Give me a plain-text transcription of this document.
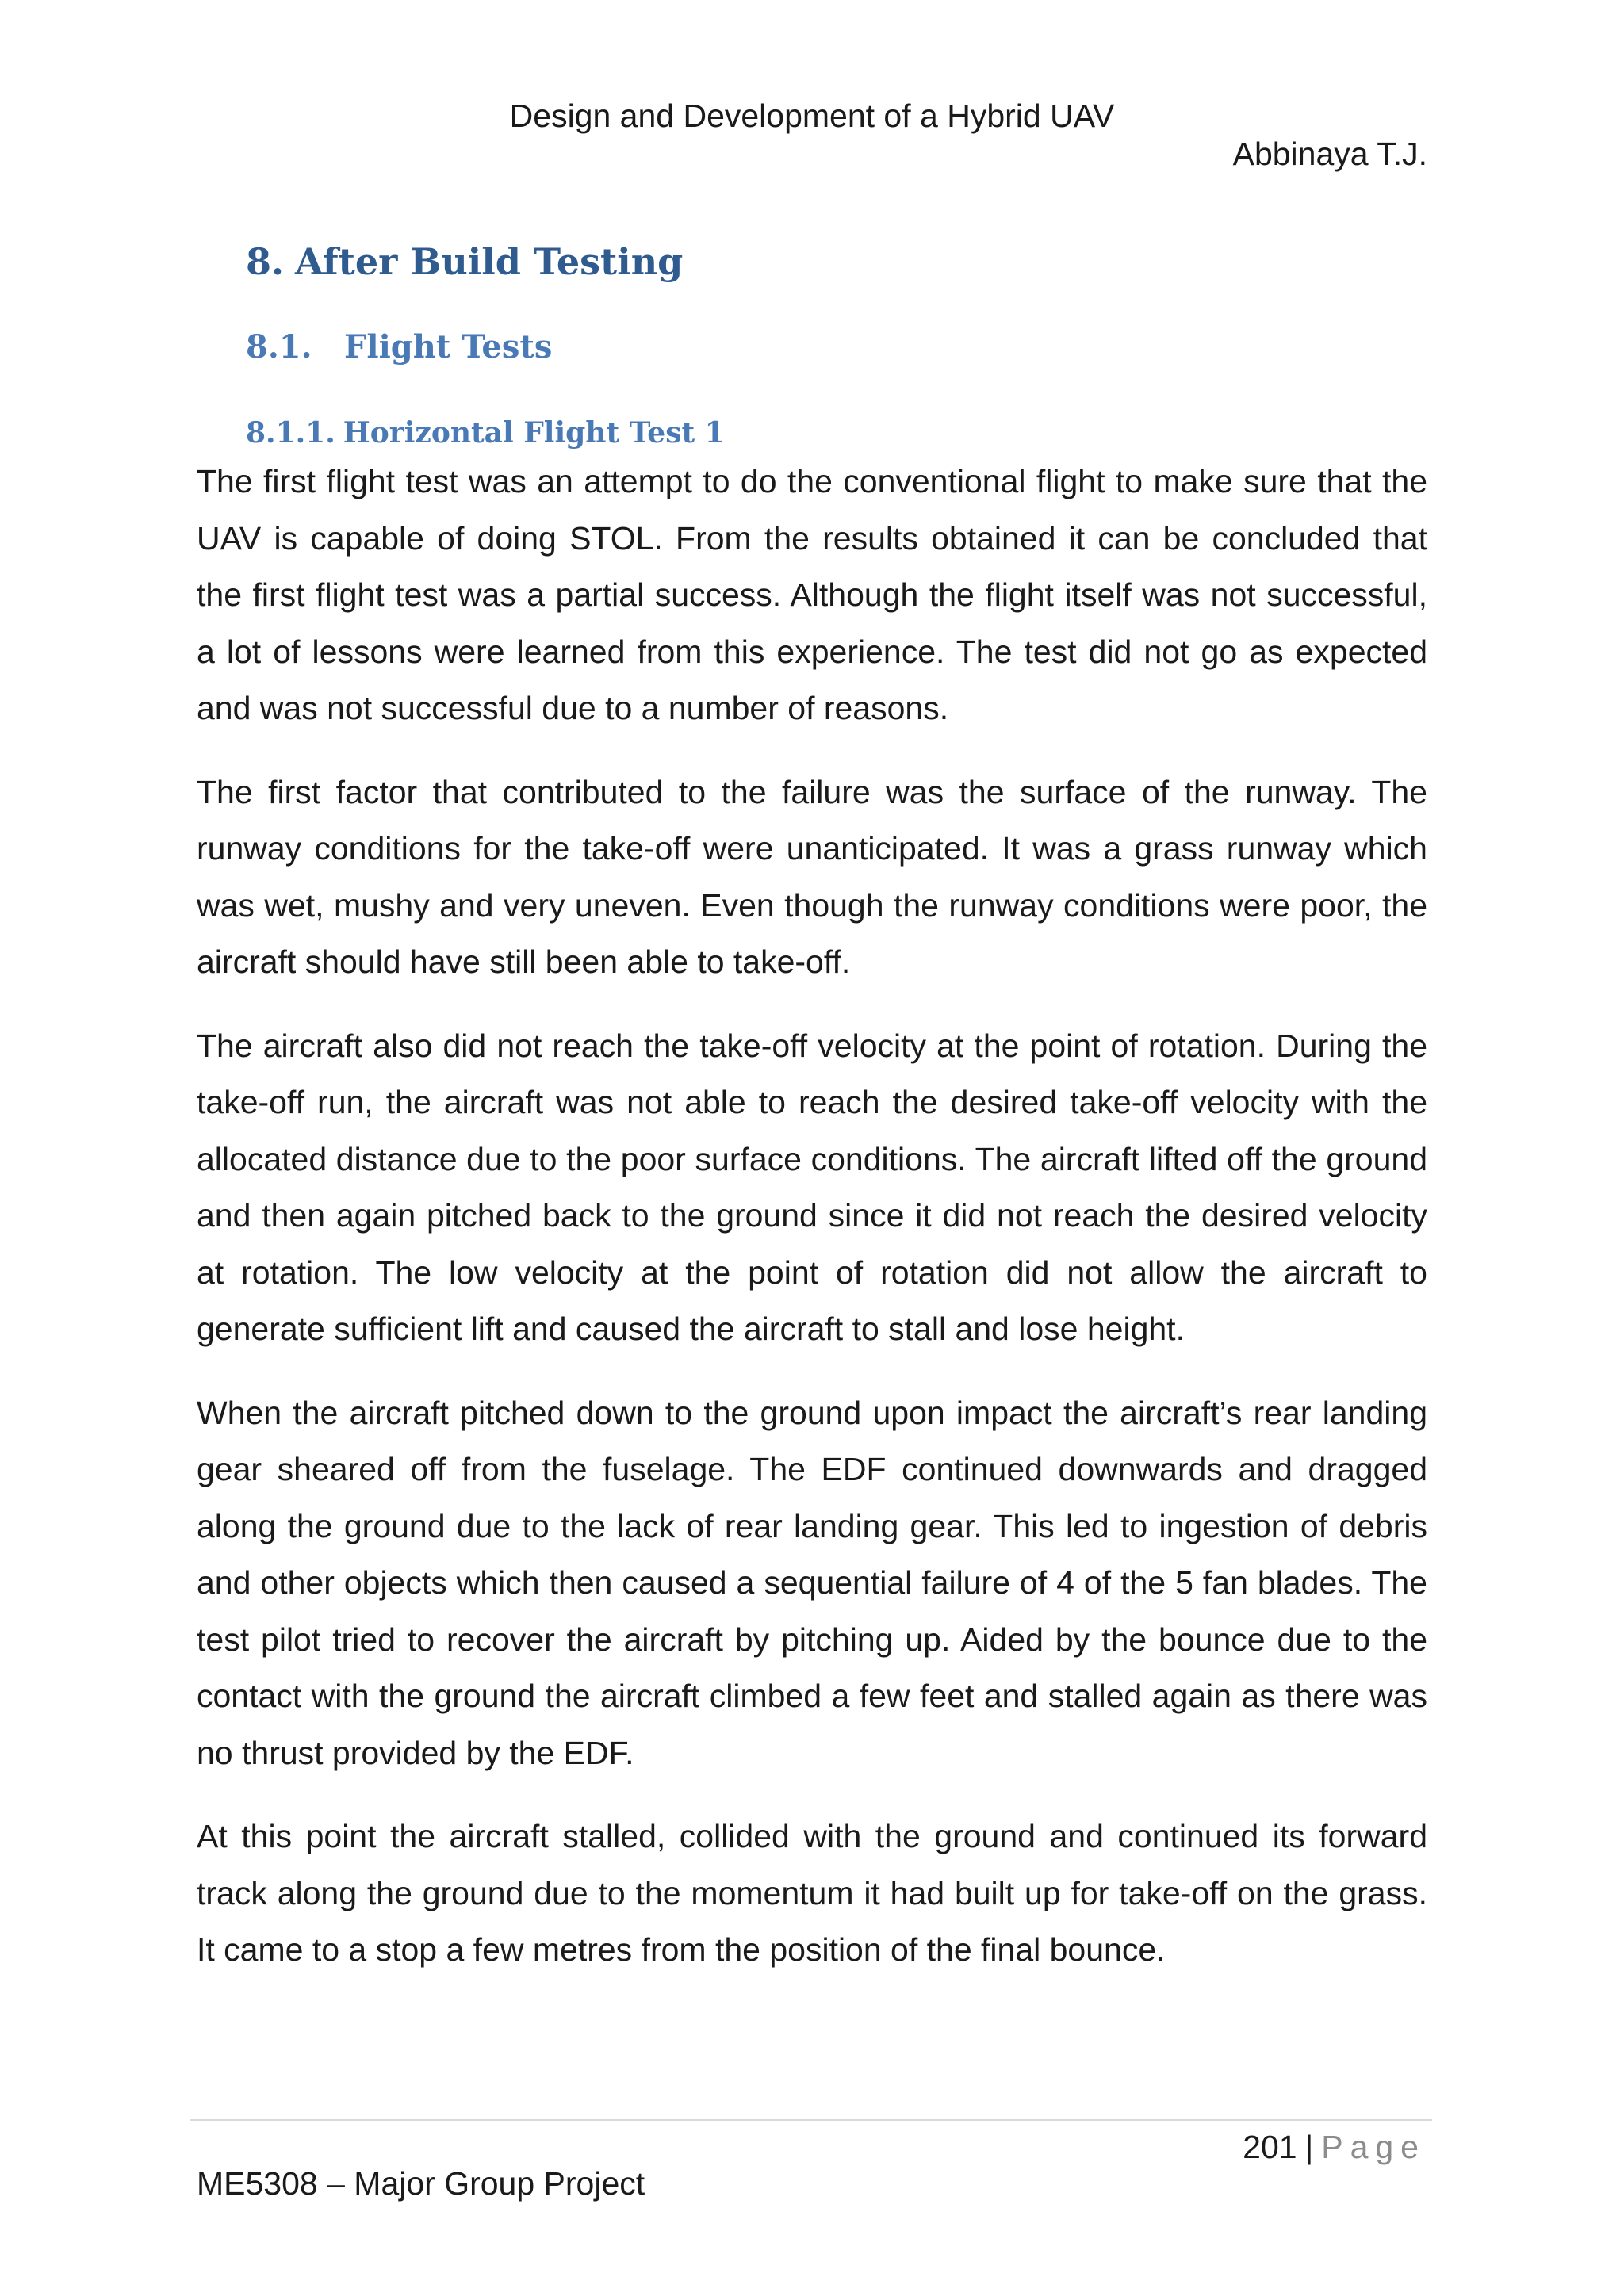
Design and Development of a Hybrid UAV
Abbinaya T.J.
8. After Build Testing
8.1. Flight Tests
8.1.1. Horizontal Flight Test 1

The first flight test was an attempt to do the conventional flight to make sure that the UAV is capable of doing STOL. From the results obtained it can be concluded that the first flight test was a partial success. Although the flight itself was not successful, a lot of lessons were learned from this experience. The test did not go as expected and was not successful due to a number of reasons.

The first factor that contributed to the failure was the surface of the runway. The runway conditions for the take-off were unanticipated. It was a grass runway which was wet, mushy and very uneven. Even though the runway conditions were poor, the aircraft should have still been able to take-off.

The aircraft also did not reach the take-off velocity at the point of rotation. During the take-off run, the aircraft was not able to reach the desired take-off velocity with the allocated distance due to the poor surface conditions. The aircraft lifted off the ground and then again pitched back to the ground since it did not reach the desired velocity at rotation. The low velocity at the point of rotation did not allow the aircraft to generate sufficient lift and caused the aircraft to stall and lose height.

When the aircraft pitched down to the ground upon impact the aircraft’s rear landing gear sheared off from the fuselage. The EDF continued downwards and dragged along the ground due to the lack of rear landing gear. This led to ingestion of debris and other objects which then caused a sequential failure of 4 of the 5 fan blades. The test pilot tried to recover the aircraft by pitching up. Aided by the bounce due to the contact with the ground the aircraft climbed a few feet and stalled again as there was no thrust provided by the EDF.

At this point the aircraft stalled, collided with the ground and continued its forward track along the ground due to the momentum it had built up for take-off on the grass. It came to a stop a few metres from the position of the final bounce.

201 | Page
ME5308 – Major Group Project
